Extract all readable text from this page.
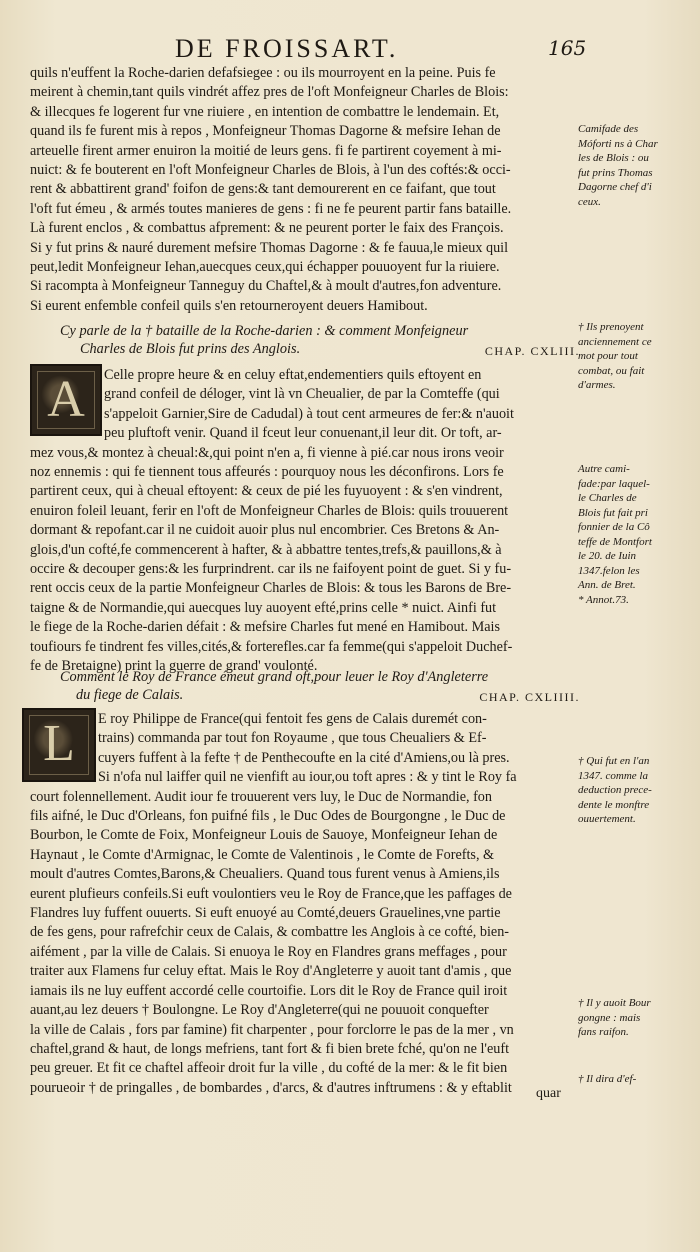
DE FROISSART.	165
quils n'euffent la Roche-darien defafsiegee : ou ils mourroyent en la peine. Puis fe
meirent à chemin,tant quils vindrét affez pres de l'oft Monfeigneur Charles de Blois:
& illecques fe logerent fur vne riuiere , en intention de combattre le lendemain. Et,
quand ils fe furent mis à repos , Monfeigneur Thomas Dagorne & mefsire Iehan de
arteuelle firent armer enuiron la moitié de leurs gens. fi fe partirent coyement à mi-
nuict: & fe bouterent en l'oft Monfeigneur Charles de Blois, à l'un des coftés:& occi-
rent & abbattirent grand' foifon de gens:& tant demourerent en ce faifant, que tout
l'oft fut émeu , & armés toutes manieres de gens : fi ne fe peurent partir fans bataille.
Là furent enclos , & combattus afprement: & ne peurent porter le faix des François.
Si y fut prins & nauré durement mefsire Thomas Dagorne : & fe fauua,le mieux quil
peut,ledit Monfeigneur Iehan,auecques ceux,qui échapper pouuoyent fur la riuiere.
Si racompta à Monfeigneur Tanneguy du Chaftel,& à moult d'autres,fon adventure.
Si eurent enfemble confeil quils s'en retourneroyent deuers Hamibout.
Cy parle de la † bataille de la Roche-darien : & comment Monfeigneur
Charles de Blois fut prins des Anglois.	CHAP. CXLIII.
A	Celle propre heure & en celuy eftat,endementiers quils eftoyent en
grand confeil de déloger, vint là vn Cheualier, de par la Comteffe (qui
s'appeloit Garnier,Sire de Cadudal) à tout cent armeures de fer:& n'auoit
peu pluftoft venir. Quand il fceut leur conuenant,il leur dit. Or toft, ar-
mez vous,& montez à cheual:&,qui point n'en a, fi vienne à pié.car nous irons veoir
noz ennemis : qui fe tiennent tous affeurés : pourquoy nous les déconfirons. Lors fe
partirent ceux, qui à cheual eftoyent: & ceux de pié les fuyuoyent : & s'en vindrent,
enuiron foleil leuant, ferir en l'oft de Monfeigneur Charles de Blois: quils trouuerent
dormant & repofant.car il ne cuidoit auoir plus nul encombrier. Ces Bretons & An-
glois,d'un cofté,fe commencerent à hafter, & à abbattre tentes,trefs,& pauillons,& à
occire & decouper gens:& les furprindrent. car ils ne faifoyent point de guet. Si y fu-
rent occis ceux de la partie Monfeigneur Charles de Blois: & tous les Barons de Bre-
taigne & de Normandie,qui auecques luy auoyent efté,prins celle * nuict. Ainfi fut
le fiege de la Roche-darien défait : & mefsire Charles fut mené en Hamibout. Mais
toufiours fe tindrent fes villes,cités,& forterefles.car fa femme(qui s'appeloit Duchef-
fe de Bretaigne) print la guerre de grand' voulonté.
Comment le Roy de France émeut grand oft,pour leuer le Roy d'Angleterre
du fiege de Calais.	CHAP. CXLIIII.
L	E roy Philippe de France(qui fentoit fes gens de Calais duremét con-
trains) commanda par tout fon Royaume , que tous Cheualiers & Ef-
cuyers fuffent à la fefte † de Penthecoufte en la cité d'Amiens,ou là pres.
Si n'ofa nul laiffer quil ne vienfift au iour,ou toft apres : & y tint le Roy fa
court folennellement. Audit iour fe trouuerent vers luy, le Duc de Normandie, fon
fils aifné, le Duc d'Orleans, fon puifné fils , le Duc Odes de Bourgongne , le Duc de
Bourbon, le Comte de Foix, Monfeigneur Louis de Sauoye, Monfeigneur Iehan de
Haynaut , le Comte d'Armignac, le Comte de Valentinois , le Comte de Forefts, &
moult d'autres Comtes,Barons,& Cheualiers. Quand tous furent venus à Amiens,ils
eurent plufieurs confeils.Si euft voulontiers veu le Roy de France,que les paffages de
Flandres luy fuffent ouuerts. Si euft enuoyé au Comté,deuers Grauelines,vne partie
de fes gens, pour rafrefchir ceux de Calais, & combattre les Anglois à ce cofté, bien-
aifément , par la ville de Calais. Si enuoya le Roy en Flandres grans meffages , pour
traiter aux Flamens fur celuy eftat. Mais le Roy d'Angleterre y auoit tant d'amis , que
iamais ils ne luy euffent accordé celle courtoifie. Lors dit le Roy de France quil iroit
auant,au lez deuers † Boulongne. Le Roy d'Angleterre(qui ne pouuoit conquefter
la ville de Calais , fors par famine) fit charpenter , pour forclorre le pas de la mer , vn
chaftel,grand & haut, de longs mefriens, tant fort & fi bien brete fché, qu'on ne l'euft
peu greuer. Et fit ce chaftel affeoir droit fur la ville , du cofté de la mer: & le fit bien
pourueoir † de pringalles , de bombardes , d'arcs, & d'autres inftrumens : & y eftablit	quar
Camifade des
Móforti ns à Char
les de Blois : ou
fut prins Thomas
Dagorne chef d'i
ceux.
† Ils prenoyent
anciennement ce
mot pour tout
combat, ou fait
d'armes.
Autre cami-
fade:par laquel-
le Charles de
Blois fut fait pri
fonnier de la Cô
teffe de Montfort
le 20. de Iuin
1347.felon les
Ann. de Bret.
* Annot.73.
† Qui fut en l'an
1347. comme la
deduction prece-
dente le monftre
ouuertement.
† Il y auoit Bour
gongne : mais
fans raifon.
† Il dira d'ef-
